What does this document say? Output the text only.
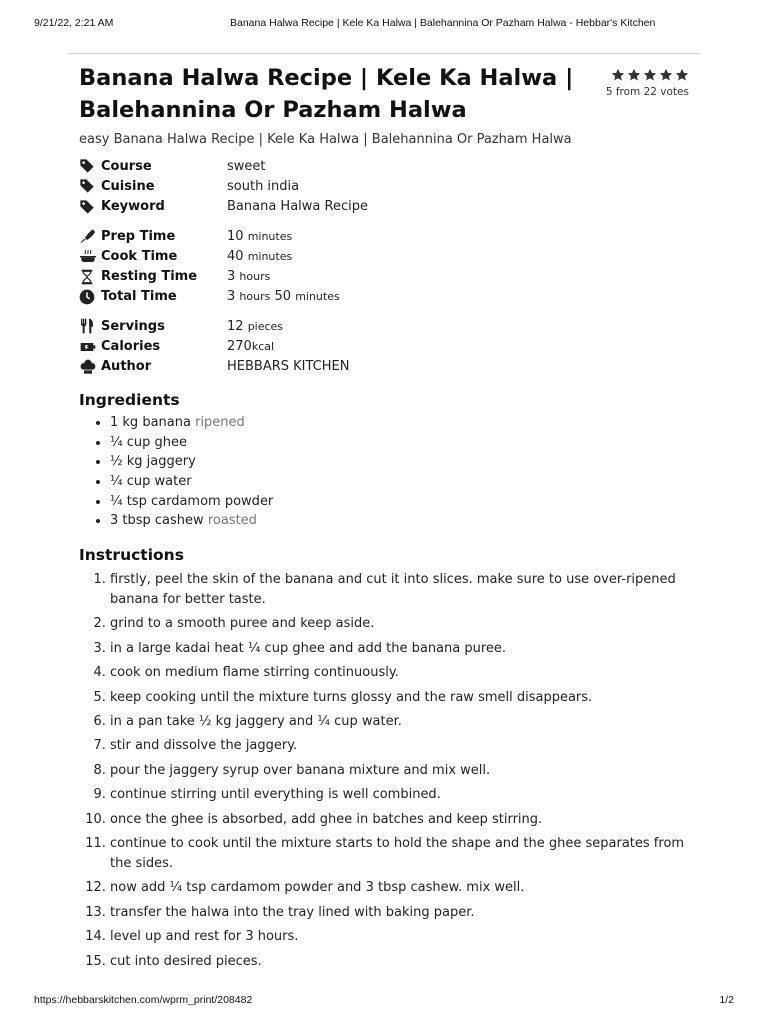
9/21/22, 2:21 AM	Banana Halwa Recipe | Kele Ka Halwa | Balehannina Or Pazham Halwa - Hebbar's Kitchen
5 from 22 votes
Banana Halwa Recipe | Kele Ka Halwa | Balehannina Or Pazham Halwa
easy Banana Halwa Recipe | Kele Ka Halwa | Balehannina Or Pazham Halwa
Course	sweet
Cuisine	south india
Keyword	Banana Halwa Recipe
Prep Time	10 minutes
Cook Time	40 minutes
Resting Time	3 hours
Total Time	3 hours 50 minutes
Servings	12 pieces
Calories	270kcal
Author	HEBBARS KITCHEN
Ingredients
• 1 kg banana ripened
• ¼ cup ghee
• ½ kg jaggery
• ¼ cup water
• ¼ tsp cardamom powder
• 3 tbsp cashew roasted
Instructions
1. firstly, peel the skin of the banana and cut it into slices. make sure to use over-ripened banana for better taste.
2. grind to a smooth puree and keep aside.
3. in a large kadai heat ¼ cup ghee and add the banana puree.
4. cook on medium flame stirring continuously.
5. keep cooking until the mixture turns glossy and the raw smell disappears.
6. in a pan take ½ kg jaggery and ¼ cup water.
7. stir and dissolve the jaggery.
8. pour the jaggery syrup over banana mixture and mix well.
9. continue stirring until everything is well combined.
10. once the ghee is absorbed, add ghee in batches and keep stirring.
11. continue to cook until the mixture starts to hold the shape and the ghee separates from the sides.
12. now add ¼ tsp cardamom powder and 3 tbsp cashew. mix well.
13. transfer the halwa into the tray lined with baking paper.
14. level up and rest for 3 hours.
15. cut into desired pieces.
https://hebbarskitchen.com/wprm_print/208482	1/2
